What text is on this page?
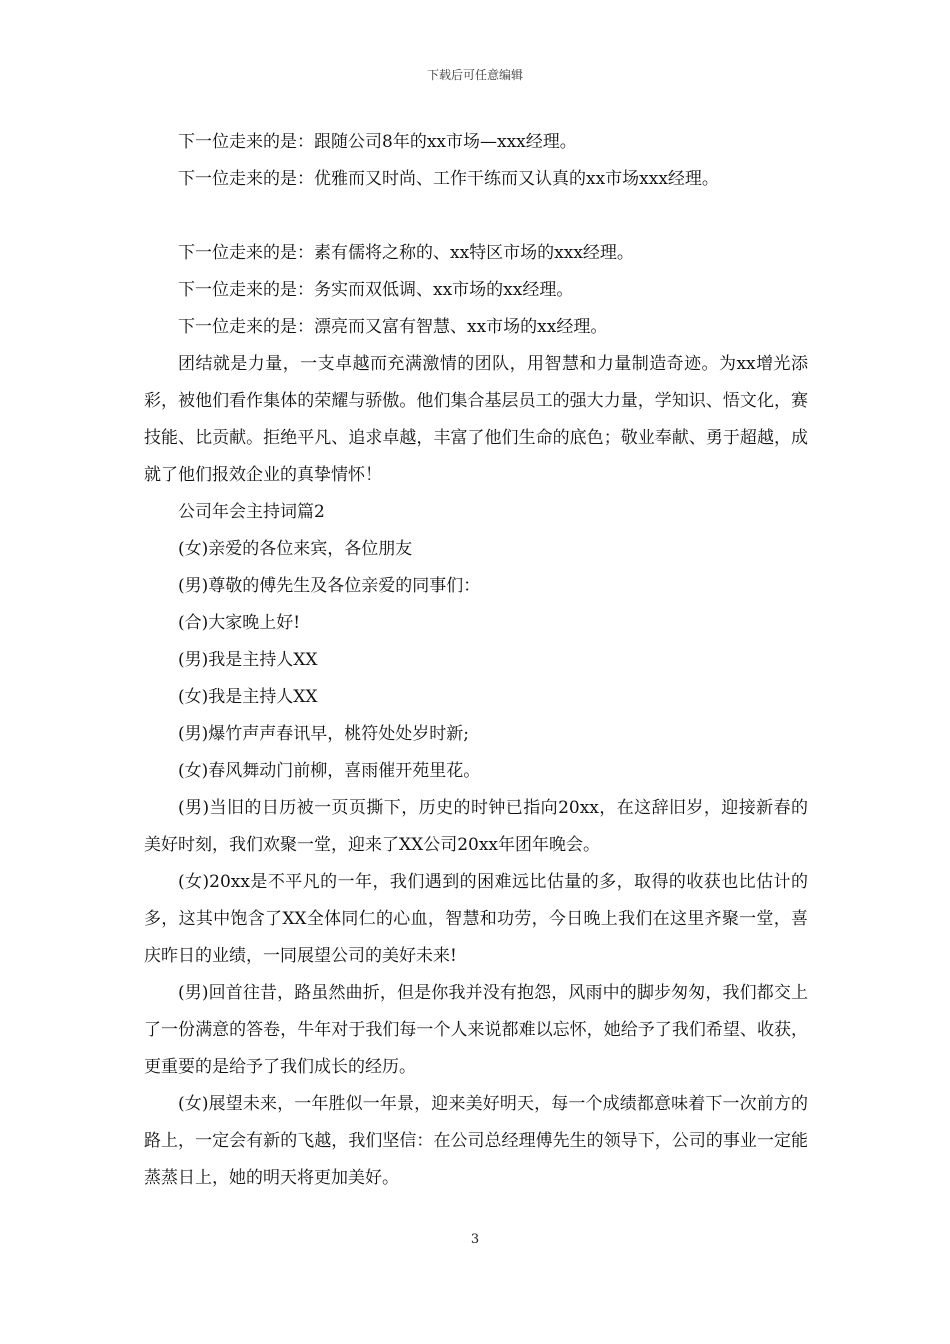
下载后可任意编辑

下一位走来的是：跟随公司8年的xx市场—xxx经理。

下一位走来的是：优雅而又时尚、工作干练而又认真的xx市场xxx经理。

下一位走来的是：素有儒将之称的、xx特区市场的xxx经理。

下一位走来的是：务实而双低调、xx市场的xx经理。

下一位走来的是：漂亮而又富有智慧、xx市场的xx经理。

团结就是力量，一支卓越而充满激情的团队，用智慧和力量制造奇迹。为xx增光添彩，被他们看作集体的荣耀与骄傲。他们集合基层员工的强大力量，学知识、悟文化，赛技能、比贡献。拒绝平凡、追求卓越，丰富了他们生命的底色；敬业奉献、勇于超越，成就了他们报效企业的真挚情怀！

公司年会主持词篇2

(女)亲爱的各位来宾，各位朋友

(男)尊敬的傅先生及各位亲爱的同事们：

(合)大家晚上好!

(男)我是主持人XX

(女)我是主持人XX

(男)爆竹声声春讯早，桃符处处岁时新;

(女)春风舞动门前柳，喜雨催开苑里花。

(男)当旧的日历被一页页撕下，历史的时钟已指向20xx，在这辞旧岁，迎接新春的美好时刻，我们欢聚一堂，迎来了XX公司20xx年团年晚会。

(女)20xx是不平凡的一年，我们遇到的困难远比估量的多，取得的收获也比估计的多，这其中饱含了XX全体同仁的心血，智慧和功劳，今日晚上我们在这里齐聚一堂，喜庆昨日的业绩，一同展望公司的美好未来!

(男)回首往昔，路虽然曲折，但是你我并没有抱怨，风雨中的脚步匆匆，我们都交上了一份满意的答卷，牛年对于我们每一个人来说都难以忘怀，她给予了我们希望、收获，更重要的是给予了我们成长的经历。

(女)展望未来，一年胜似一年景，迎来美好明天，每一个成绩都意味着下一次前方的路上，一定会有新的飞越，我们坚信：在公司总经理傅先生的领导下，公司的事业一定能蒸蒸日上，她的明天将更加美好。

3
